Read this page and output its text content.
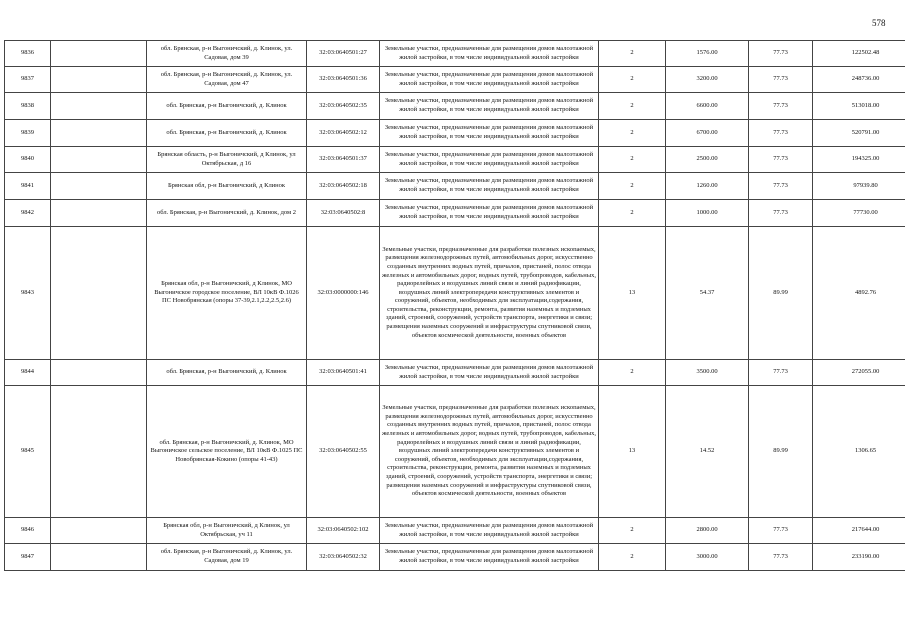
578
9836		обл. Брянская, р-н Выгоничский, д. Клинок, ул. Садовая, дом 39	32:03:0640501:27	Земельные участки, предназначенные для размещения домов малоэтажной жилой застройки, в том числе индивидуальной жилой застройки	2	1576.00	77.73	122502.48
9837		обл. Брянская, р-н Выгоничский, д. Клинок, ул. Садовая, дом 47	32:03:0640501:36	Земельные участки, предназначенные для размещения домов малоэтажной жилой застройки, в том числе индивидуальной жилой застройки	2	3200.00	77.73	248736.00
9838		обл. Брянская, р-н Выгоничский, д. Клинок	32:03:0640502:35	Земельные участки, предназначенные для размещения домов малоэтажной жилой застройки, в том числе индивидуальной жилой застройки	2	6600.00	77.73	513018.00
9839		обл. Брянская, р-н Выгоничский, д. Клинок	32:03:0640502:12	Земельные участки, предназначенные для размещения домов малоэтажной жилой застройки, в том числе индивидуальной жилой застройки	2	6700.00	77.73	520791.00
9840		Брянская область, р-н Выгоничский, д Клинок, ул Октябрьская, д 16	32:03:0640501:37	Земельные участки, предназначенные для размещения домов малоэтажной жилой застройки, в том числе индивидуальной жилой застройки	2	2500.00	77.73	194325.00
9841		Брянская обл, р-н Выгоничский, д Клинок	32:03:0640502:18	Земельные участки, предназначенные для размещения домов малоэтажной жилой застройки, в том числе индивидуальной жилой застройки	2	1260.00	77.73	97939.80
9842		обл. Брянская, р-н Выгоничский, д. Клинок, дом 2	32:03:0640502:8	Земельные участки, предназначенные для размещения домов малоэтажной жилой застройки, в том числе индивидуальной жилой застройки	2	1000.00	77.73	77730.00
9843		Брянская обл, р-н Выгоничский, д Клинок, МО Выгоничское городское поселение, ВЛ 10кВ Ф.1026 ПС Новобрянская (опоры 37-39,2.1,2.2,2.5,2.6)	32:03:0000000:146	Земельные участки, предназначенные для разработки полезных ископаемых, размещения железнодорожных путей, автомобильных дорог, искусственно созданных внутренних водных путей, причалов, пристаней, полос отвода железных и автомобильных дорог, водных путей, трубопроводов, кабельных, радиорелейных и воздушных линий связи и линий радиофикации, воздушных линий электропередачи конструктивных элементов и сооружений, объектов, необходимых для эксплуатации,содержания, строительства, реконструкции, ремонта, развития наземных и подземных зданий, строений, сооружений, устройств транспорта, энергетики и связи; размещения наземных сооружений и инфраструктуры спутниковой связи, объектов космической деятельности, военных объектов	13	54.37	89.99	4892.76
9844		обл. Брянская, р-н Выгоничский, д. Клинок	32:03:0640501:41	Земельные участки, предназначенные для размещения домов малоэтажной жилой застройки, в том числе индивидуальной жилой застройки	2	3500.00	77.73	272055.00
9845		обл. Брянская, р-н Выгоничский, д. Клинок, МО Выгоничское сельское поселение, ВЛ 10кВ Ф.1025 ПС Новобрянская-Кокино (опоры 41-43)	32:03:0640502:55	Земельные участки, предназначенные для разработки полезных ископаемых, размещения железнодорожных путей, автомобильных дорог, искусственно созданных внутренних водных путей, причалов, пристаней, полос отвода железных и автомобильных дорог, водных путей, трубопроводов, кабельных, радиорелейных и воздушных линий связи и линий радиофикации, воздушных линий электропередачи конструктивных элементов и сооружений, объектов, необходимых для эксплуатации,содержания, строительства, реконструкции, ремонта, развития наземных и подземных зданий, строений, сооружений, устройств транспорта, энергетики и связи; размещения наземных сооружений и инфраструктуры спутниковой связи, объектов космической деятельности, военных объектов	13	14.52	89.99	1306.65
9846		Брянская обл, р-н Выгоничский, д Клинок, ул Октябрьская, уч 11	32:03:0640502:102	Земельные участки, предназначенные для размещения домов малоэтажной жилой застройки, в том числе индивидуальной жилой застройки	2	2800.00	77.73	217644.00
9847		обл. Брянская, р-н Выгоничский, д. Клинок, ул. Садовая, дом 19	32:03:0640502:32	Земельные участки, предназначенные для размещения домов малоэтажной жилой застройки, в том числе индивидуальной жилой застройки	2	3000.00	77.73	233190.00
